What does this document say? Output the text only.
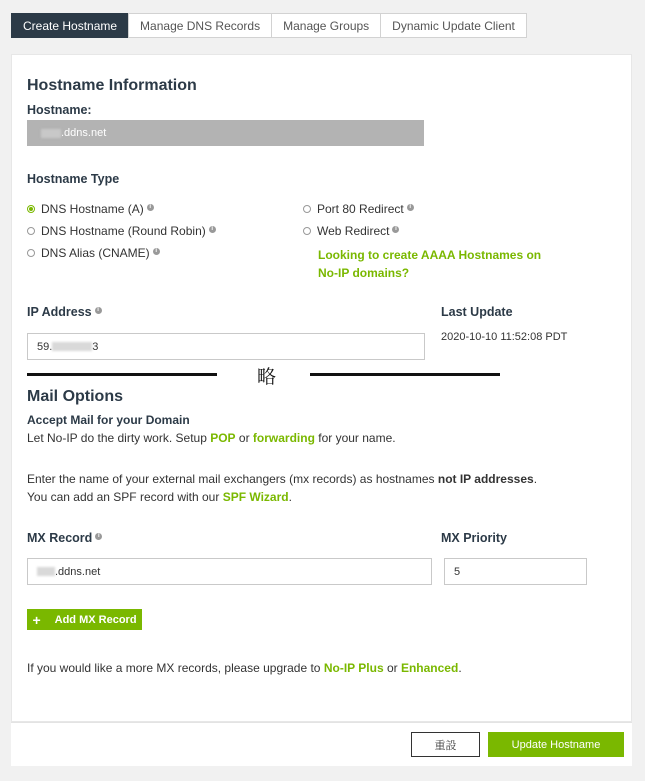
Create Hostname	Manage DNS Records	Manage Groups	Dynamic Update Client
Hostname Information
Hostname:
.ddns.net
Hostname Type
DNS Hostname (A) i
DNS Hostname (Round Robin) i
DNS Alias (CNAME) i
Port 80 Redirect i
Web Redirect i
Looking to create AAAA Hostnames on No-IP domains?
IP Address i
59.	3
Last Update
2020-10-10 11:52:08 PDT
略
Mail Options
Accept Mail for your Domain
Let No-IP do the dirty work. Setup POP or forwarding for your name.
Enter the name of your external mail exchangers (mx records) as hostnames not IP addresses.
You can add an SPF record with our SPF Wizard.
MX Record i
.ddns.net
MX Priority
5
+ Add MX Record
If you would like a more MX records, please upgrade to No-IP Plus or Enhanced.
重設	Update Hostname
